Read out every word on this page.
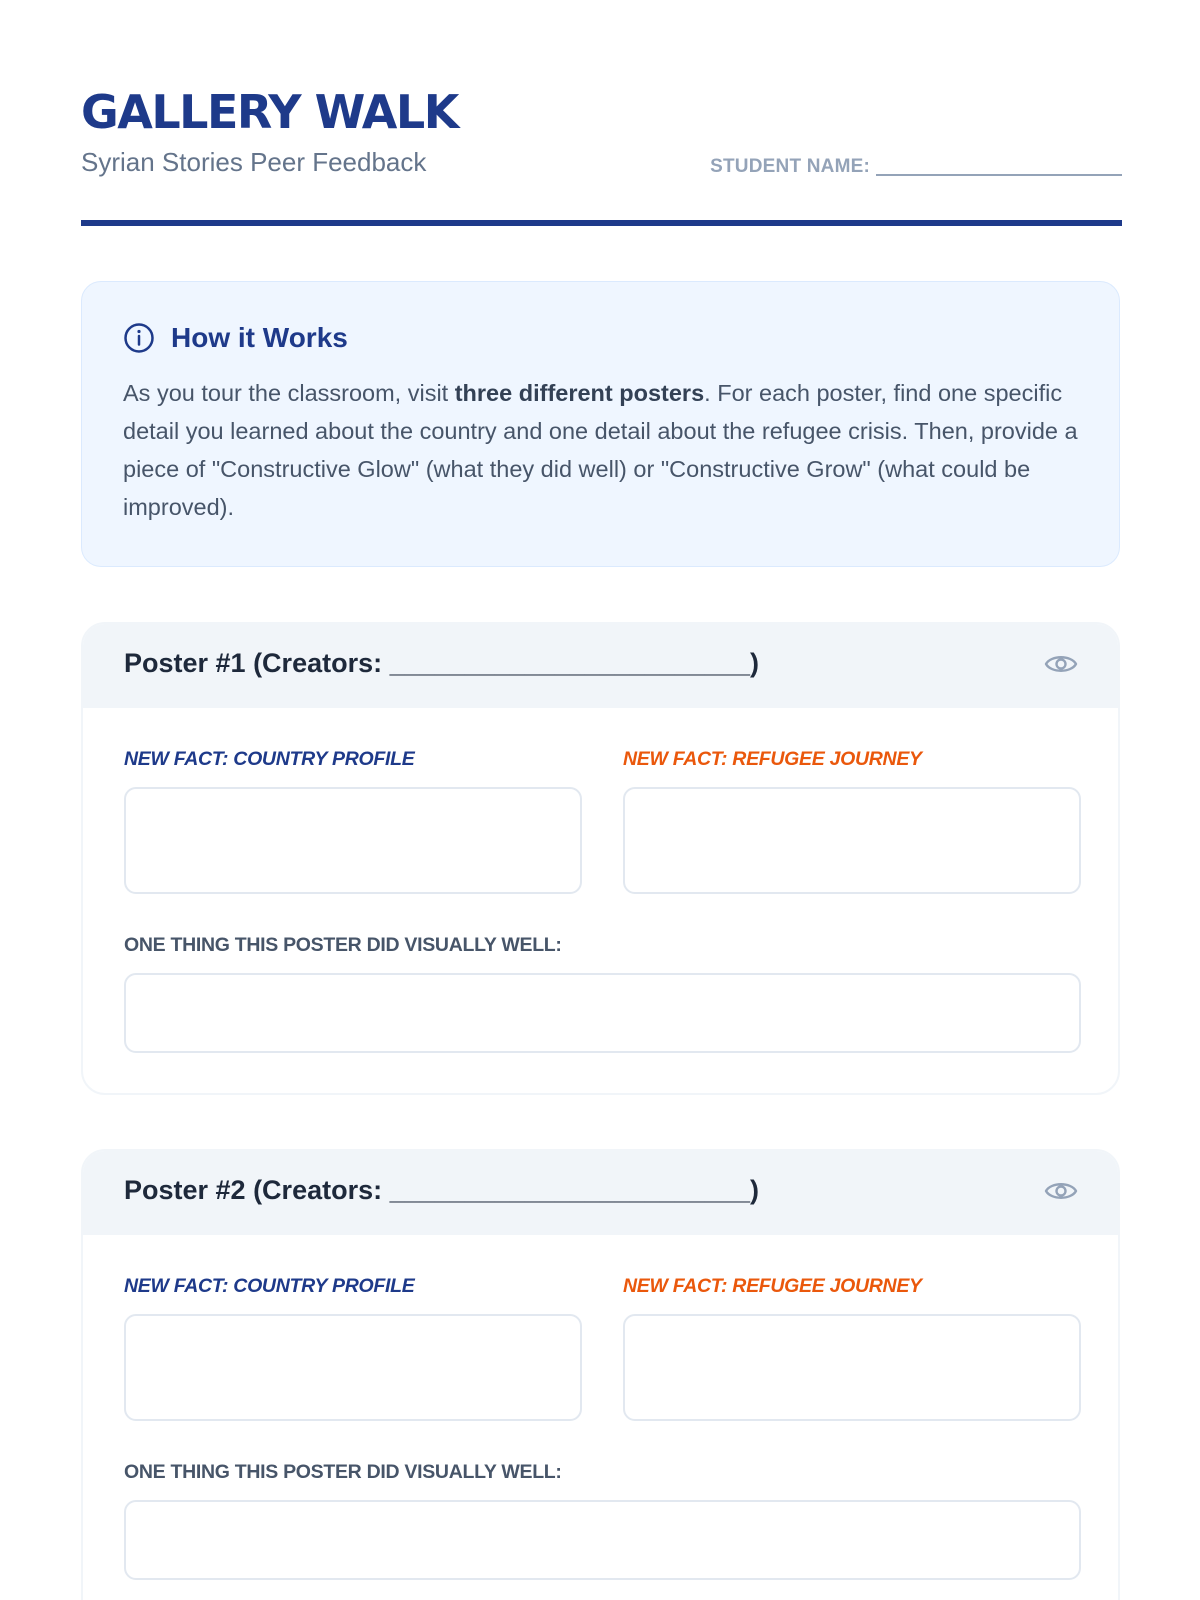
GALLERY WALK
Syrian Stories Peer Feedback	STUDENT NAME:
How it Works
As you tour the classroom, visit three different posters. For each poster, find one specific detail you learned about the country and one detail about the refugee crisis. Then, provide a piece of "Constructive Glow" (what they did well) or "Constructive Grow" (what could be improved).
Poster #1 (Creators: ________________________)
NEW FACT: COUNTRY PROFILE	NEW FACT: REFUGEE JOURNEY
ONE THING THIS POSTER DID VISUALLY WELL:
Poster #2 (Creators: ________________________)
NEW FACT: COUNTRY PROFILE	NEW FACT: REFUGEE JOURNEY
ONE THING THIS POSTER DID VISUALLY WELL:
